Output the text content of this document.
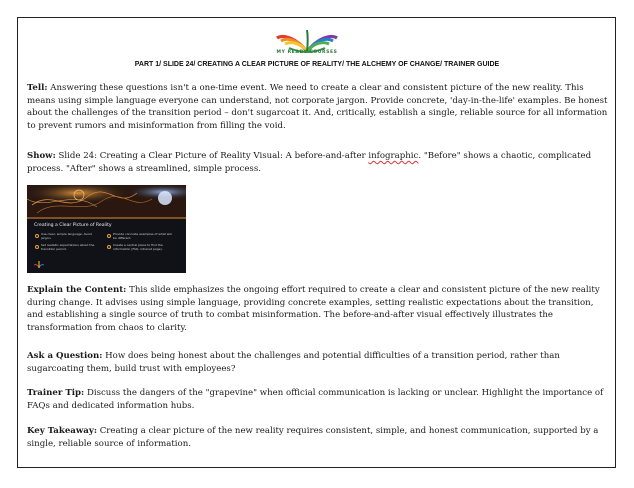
MY READY COURSES
PART 1/ SLIDE 24/ CREATING A CLEAR PICTURE OF REALITY/ THE ALCHEMY OF CHANGE/ TRAINER GUIDE

Tell: Answering these questions isn't a one-time event. We need to create a clear and consistent picture of the new reality. This means using simple language everyone can understand, not corporate jargon. Provide concrete, 'day-in-the-life' examples. Be honest about the challenges of the transition period – don't sugarcoat it. And, critically, establish a single, reliable source for all information to prevent rumors and misinformation from filling the void.

Show: Slide 24: Creating a Clear Picture of Reality Visual: A before-and-after infographic. "Before" shows a chaotic, complicated process. "After" shows a streamlined, simple process.

Creating a Clear Picture of Reality
Use clear, simple language. Avoid jargon.
Provide concrete examples of what will be different.
Set realistic expectations about the transition period.
Create a central place to find the information (FAQ, intranet page).

Explain the Content: This slide emphasizes the ongoing effort required to create a clear and consistent picture of the new reality during change. It advises using simple language, providing concrete examples, setting realistic expectations about the transition, and establishing a single source of truth to combat misinformation. The before-and-after visual effectively illustrates the transformation from chaos to clarity.

Ask a Question: How does being honest about the challenges and potential difficulties of a transition period, rather than sugarcoating them, build trust with employees?

Trainer Tip: Discuss the dangers of the "grapevine" when official communication is lacking or unclear. Highlight the importance of FAQs and dedicated information hubs.

Key Takeaway: Creating a clear picture of the new reality requires consistent, simple, and honest communication, supported by a single, reliable source of information.
